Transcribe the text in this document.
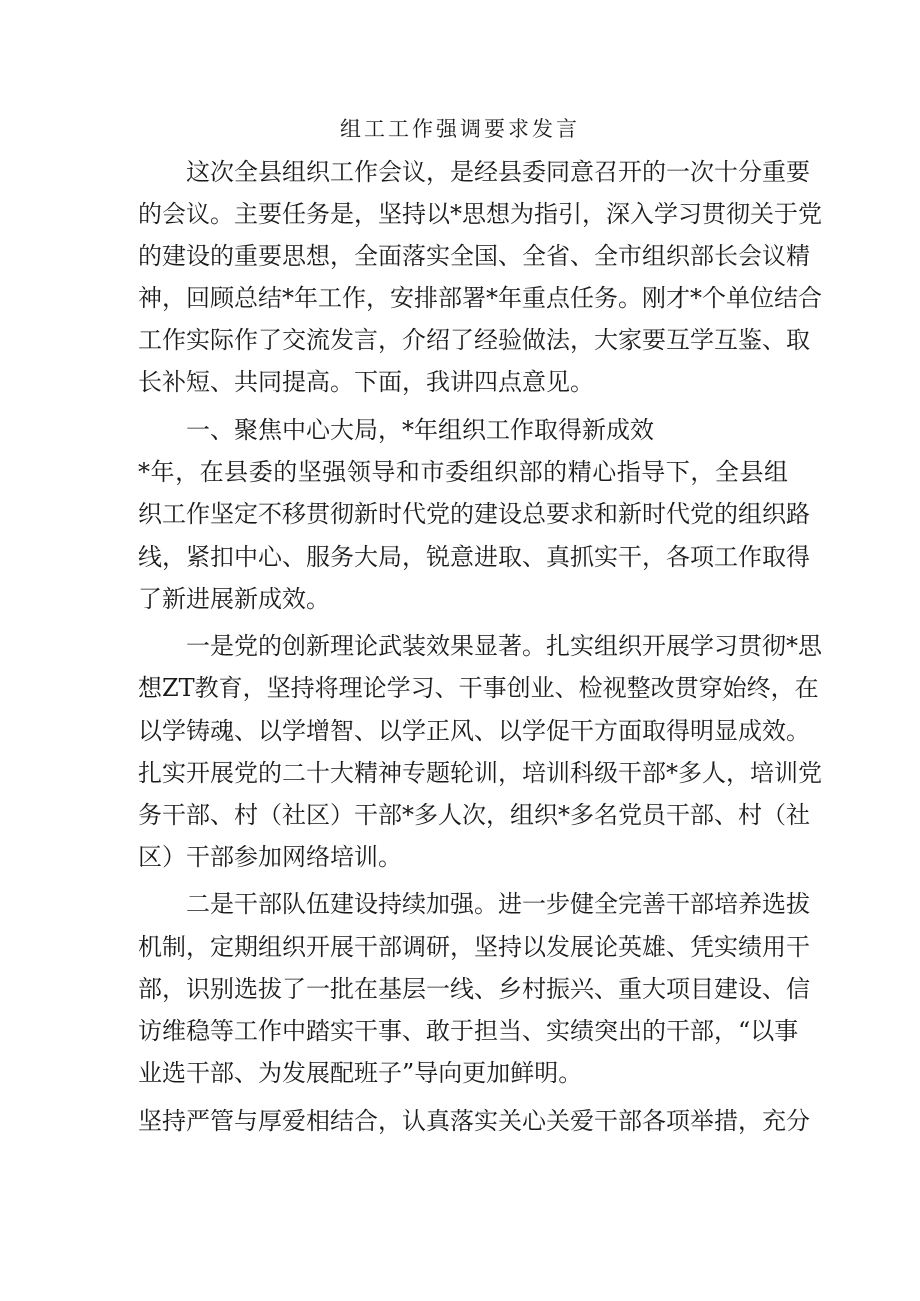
组工工作强调要求发言
这次全县组织工作会议，是经县委同意召开的一次十分重要
的会议。主要任务是，坚持以*思想为指引，深入学习贯彻关于党
的建设的重要思想，全面落实全国、全省、全市组织部长会议精
神，回顾总结*年工作，安排部署*年重点任务。刚才*个单位结合
工作实际作了交流发言，介绍了经验做法，大家要互学互鉴、取
长补短、共同提高。下面，我讲四点意见。
一、聚焦中心大局，*年组织工作取得新成效
*年，在县委的坚强领导和市委组织部的精心指导下，全县组
织工作坚定不移贯彻新时代党的建设总要求和新时代党的组织路
线，紧扣中心、服务大局，锐意进取、真抓实干，各项工作取得
了新进展新成效。
一是党的创新理论武装效果显著。扎实组织开展学习贯彻*思
想ZT教育，坚持将理论学习、干事创业、检视整改贯穿始终，在
以学铸魂、以学增智、以学正风、以学促干方面取得明显成效。
扎实开展党的二十大精神专题轮训，培训科级干部*多人，培训党
务干部、村（社区）干部*多人次，组织*多名党员干部、村（社
区）干部参加网络培训。
二是干部队伍建设持续加强。进一步健全完善干部培养选拔
机制，定期组织开展干部调研，坚持以发展论英雄、凭实绩用干
部，识别选拔了一批在基层一线、乡村振兴、重大项目建设、信
访维稳等工作中踏实干事、敢于担当、实绩突出的干部，“以事
业选干部、为发展配班子”导向更加鲜明。
坚持严管与厚爱相结合，认真落实关心关爱干部各项举措，充分
